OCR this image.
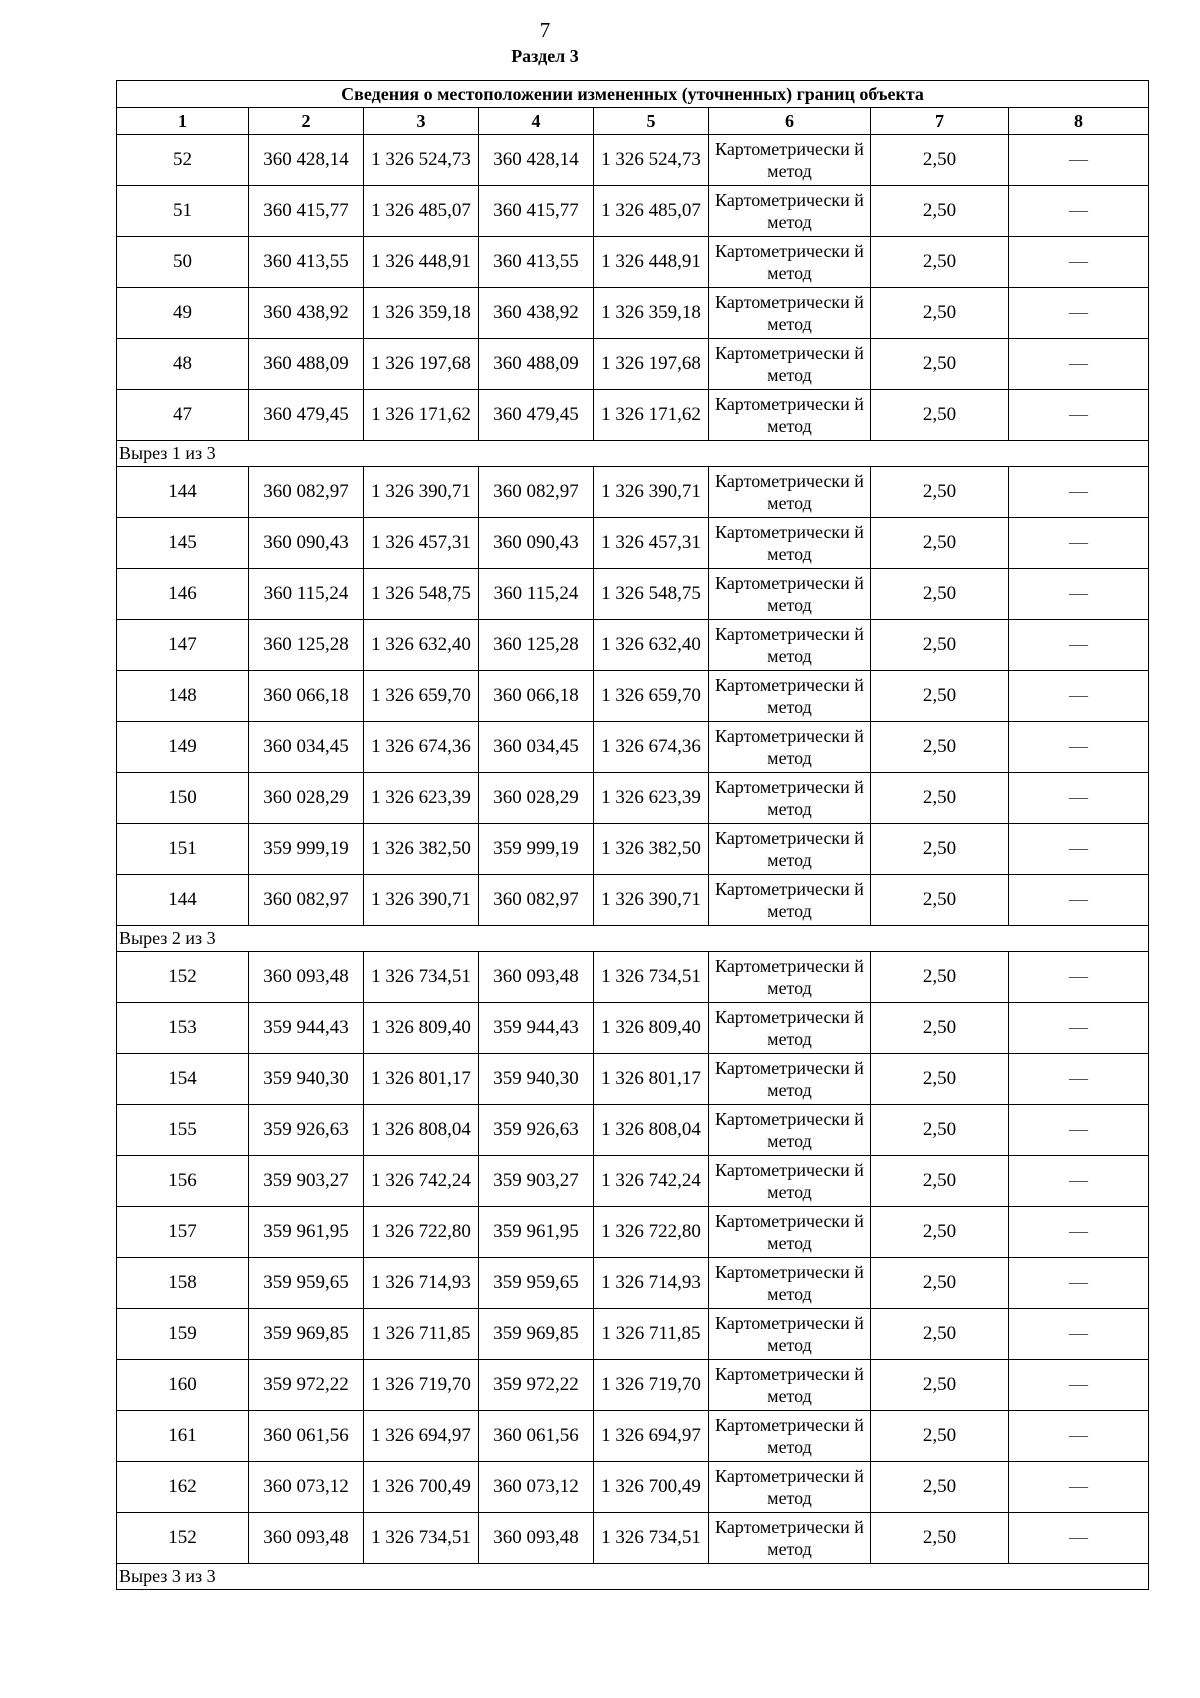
7
Раздел 3
Сведения о местоположении измененных (уточненных) границ объекта							
1	2	3	4	5	6	7	8
52	360 428,14	1 326 524,73	360 428,14	1 326 524,73	Картометрически й метод	2,50	—
51	360 415,77	1 326 485,07	360 415,77	1 326 485,07	Картометрически й метод	2,50	—
50	360 413,55	1 326 448,91	360 413,55	1 326 448,91	Картометрически й метод	2,50	—
49	360 438,92	1 326 359,18	360 438,92	1 326 359,18	Картометрически й метод	2,50	—
48	360 488,09	1 326 197,68	360 488,09	1 326 197,68	Картометрически й метод	2,50	—
47	360 479,45	1 326 171,62	360 479,45	1 326 171,62	Картометрически й метод	2,50	—
Вырез 1 из 3							
144	360 082,97	1 326 390,71	360 082,97	1 326 390,71	Картометрически й метод	2,50	—
145	360 090,43	1 326 457,31	360 090,43	1 326 457,31	Картометрически й метод	2,50	—
146	360 115,24	1 326 548,75	360 115,24	1 326 548,75	Картометрически й метод	2,50	—
147	360 125,28	1 326 632,40	360 125,28	1 326 632,40	Картометрически й метод	2,50	—
148	360 066,18	1 326 659,70	360 066,18	1 326 659,70	Картометрически й метод	2,50	—
149	360 034,45	1 326 674,36	360 034,45	1 326 674,36	Картометрически й метод	2,50	—
150	360 028,29	1 326 623,39	360 028,29	1 326 623,39	Картометрически й метод	2,50	—
151	359 999,19	1 326 382,50	359 999,19	1 326 382,50	Картометрически й метод	2,50	—
144	360 082,97	1 326 390,71	360 082,97	1 326 390,71	Картометрически й метод	2,50	—
Вырез 2 из 3							
152	360 093,48	1 326 734,51	360 093,48	1 326 734,51	Картометрически й метод	2,50	—
153	359 944,43	1 326 809,40	359 944,43	1 326 809,40	Картометрически й метод	2,50	—
154	359 940,30	1 326 801,17	359 940,30	1 326 801,17	Картометрически й метод	2,50	—
155	359 926,63	1 326 808,04	359 926,63	1 326 808,04	Картометрически й метод	2,50	—
156	359 903,27	1 326 742,24	359 903,27	1 326 742,24	Картометрически й метод	2,50	—
157	359 961,95	1 326 722,80	359 961,95	1 326 722,80	Картометрически й метод	2,50	—
158	359 959,65	1 326 714,93	359 959,65	1 326 714,93	Картометрически й метод	2,50	—
159	359 969,85	1 326 711,85	359 969,85	1 326 711,85	Картометрически й метод	2,50	—
160	359 972,22	1 326 719,70	359 972,22	1 326 719,70	Картометрически й метод	2,50	—
161	360 061,56	1 326 694,97	360 061,56	1 326 694,97	Картометрически й метод	2,50	—
162	360 073,12	1 326 700,49	360 073,12	1 326 700,49	Картометрически й метод	2,50	—
152	360 093,48	1 326 734,51	360 093,48	1 326 734,51	Картометрически й метод	2,50	—
Вырез 3 из 3							
